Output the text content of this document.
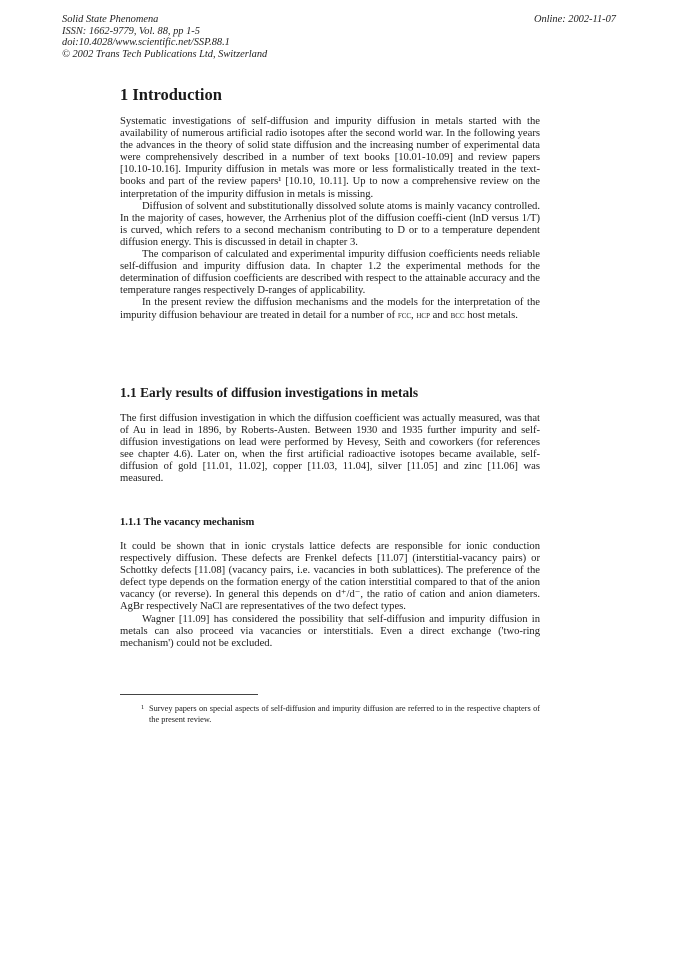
Solid State Phenomena
ISSN: 1662-9779, Vol. 88, pp 1-5
doi:10.4028/www.scientific.net/SSP.88.1
© 2002 Trans Tech Publications Ltd, Switzerland
Online: 2002-11-07
1 Introduction

Systematic investigations of self-diffusion and impurity diffusion in metals started with the availability of numerous artificial radio isotopes after the second world war. In the following years the advances in the theory of solid state diffusion and the increasing number of experimental data were comprehensively described in a number of text books [10.01-10.09] and review papers [10.10-10.16]. Impurity diffusion in metals was more or less formalistically treated in the text-books and part of the review papers¹ [10.10, 10.11]. Up to now a comprehensive review on the interpretation of the impurity diffusion in metals is missing.

Diffusion of solvent and substitutionally dissolved solute atoms is mainly vacancy controlled. In the majority of cases, however, the Arrhenius plot of the diffusion coeffi-cient (lnD versus 1/T) is curved, which refers to a second mechanism contributing to D or to a temperature dependent diffusion energy. This is discussed in detail in chapter 3.

The comparison of calculated and experimental impurity diffusion coefficients needs reliable self-diffusion and impurity diffusion data. In chapter 1.2 the experimental methods for the determination of diffusion coefficients are described with respect to the attainable accuracy and the temperature ranges respectively D-ranges of applicability.

In the present review the diffusion mechanisms and the models for the interpretation of the impurity diffusion behaviour are treated in detail for a number of fcc, hcp and bcc host metals.

1.1 Early results of diffusion investigations in metals

The first diffusion investigation in which the diffusion coefficient was actually measured, was that of Au in lead in 1896, by Roberts-Austen. Between 1930 and 1935 further impurity and self-diffusion investigations on lead were performed by Hevesy, Seith and coworkers (for references see chapter 4.6). Later on, when the first artificial radioactive isotopes became available, self-diffusion of gold [11.01, 11.02], copper [11.03, 11.04], silver [11.05] and zinc [11.06] was measured.

1.1.1 The vacancy mechanism

It could be shown that in ionic crystals lattice defects are responsible for ionic conduction respectively diffusion. These defects are Frenkel defects [11.07] (interstitial-vacancy pairs) or Schottky defects [11.08] (vacancy pairs, i.e. vacancies in both sublattices). The preference of the defect type depends on the formation energy of the cation interstitial compared to that of the anion vacancy (or reverse). In general this depends on d⁺/d⁻, the ratio of cation and anion diameters. AgBr respectively NaCl are representatives of the two defect types.

Wagner [11.09] has considered the possibility that self-diffusion and impurity diffusion in metals can also proceed via vacancies or interstitials. Even a direct exchange ('two-ring mechanism') could not be excluded.

1 Survey papers on special aspects of self-diffusion and impurity diffusion are referred to in the respective chapters of the present review.
